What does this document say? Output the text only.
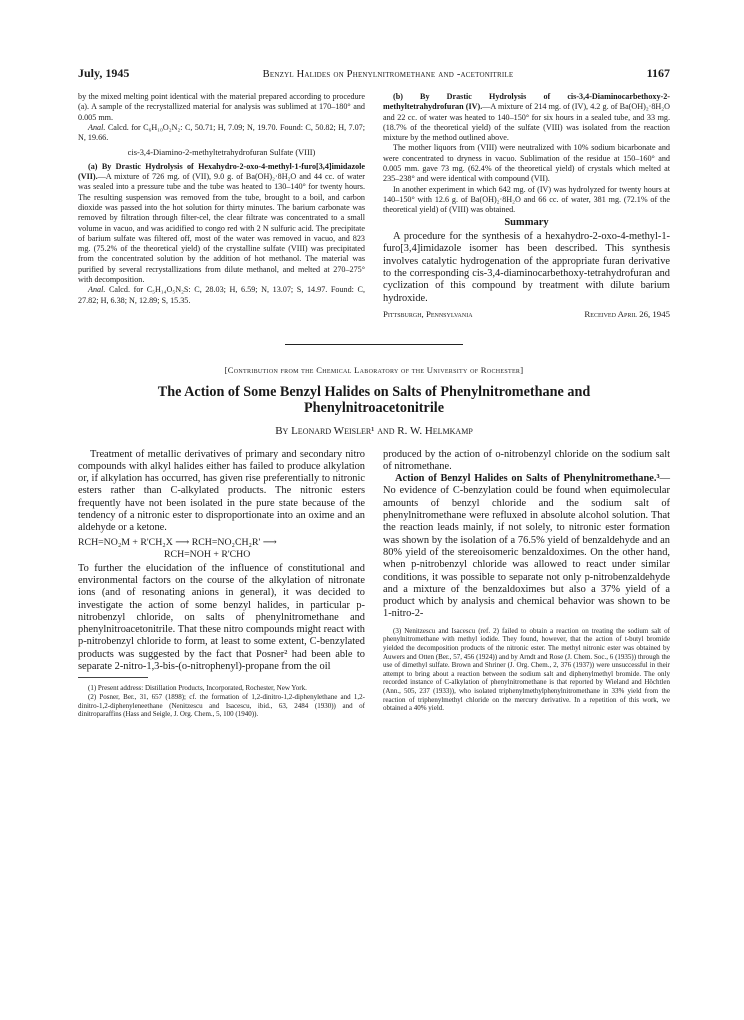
July, 1945	Benzyl Halides on Phenylnitromethane and -acetonitrile	1167

by the mixed melting point identical with the material prepared according to procedure (a). A sample of the recrystallized material for analysis was sublimed at 170–180° and 0.005 mm.

Anal. Calcd. for C₆H₁₀O₂N₂: C, 50.71; H, 7.09; N, 19.70. Found: C, 50.82; H, 7.07; N, 19.66.

cis-3,4-Diamino-2-methyltetrahydrofuran Sulfate (VIII)

(a) By Drastic Hydrolysis of Hexahydro-2-oxo-4-methyl-1-furo[3,4]imidazole (VII).—A mixture of 726 mg. of (VII), 9.0 g. of Ba(OH)₂·8H₂O and 44 cc. of water was sealed into a pressure tube and the tube was heated to 130–140° for twenty hours. The resulting suspension was removed from the tube, brought to a boil, and carbon dioxide was passed into the hot solution for thirty minutes. The barium carbonate was removed by filtration through filter-cel, the clear filtrate was concentrated to a small volume in vacuo, and was acidified to congo red with 2 N sulfuric acid. The precipitate of barium sulfate was filtered off, most of the water was removed in vacuo, and 823 mg. (75.2% of the theoretical yield) of the crystalline sulfate (VIII) was precipitated from the concentrated solution by the addition of hot methanol. The material was purified by several recrystallizations from dilute methanol, and melted at 270–275° with decomposition.

Anal. Calcd. for C₅H₁₄O₅N₂S: C, 28.03; H, 6.59; N, 13.07; S, 14.97. Found: C, 27.82; H, 6.38; N, 12.89; S, 15.35.

(b) By Drastic Hydrolysis of cis-3,4-Diaminocarbethoxy-2-methyltetrahydrofuran (IV).—A mixture of 214 mg. of (IV), 4.2 g. of Ba(OH)₂·8H₂O and 22 cc. of water was heated to 140–150° for six hours in a sealed tube, and 33 mg. (18.7% of the theoretical yield) of the sulfate (VIII) was isolated from the reaction mixture by the method outlined above.

The mother liquors from (VIII) were neutralized with 10% sodium bicarbonate and were concentrated to dryness in vacuo. Sublimation of the residue at 150–160° and 0.005 mm. gave 73 mg. (62.4% of the theoretical yield) of crystals which melted at 235–238° and were identical with compound (VII).

In another experiment in which 642 mg. of (IV) was hydrolyzed for twenty hours at 140–150° with 12.6 g. of Ba(OH)₂·8H₂O and 66 cc. of water, 381 mg. (72.1% of the theoretical yield) of (VIII) was obtained.

Summary

A procedure for the synthesis of a hexahydro-2-oxo-4-methyl-1-furo[3,4]imidazole isomer has been described. This synthesis involves catalytic hydrogenation of the appropriate furan derivative to the corresponding cis-3,4-diaminocarbethoxy-tetrahydrofuran and cyclization of this compound by treatment with dilute barium hydroxide.

Pittsburgh, Pennsylvania	Received April 26, 1945
[Contribution from the Chemical Laboratory of the University of Rochester]
The Action of Some Benzyl Halides on Salts of Phenylnitromethane and Phenylnitroacetonitrile
By Leonard Weisler¹ and R. W. Helmkamp

Treatment of metallic derivatives of primary and secondary nitro compounds with alkyl halides either has failed to produce alkylation or, if alkylation has occurred, has given rise preferentially to nitronic esters rather than C-alkylated products. The nitronic esters frequently have not been isolated in the pure state because of the tendency of a nitronic ester to disproportionate into an oxime and an aldehyde or a ketone.

RCH=NO₂M + R'CH₂X ⟶ RCH=NO₂CH₂R' ⟶
RCH=NOH + R'CHO

To further the elucidation of the influence of constitutional and environmental factors on the course of the alkylation of nitronate ions (and of resonating anions in general), it was decided to investigate the action of some benzyl halides, in particular p-nitrobenzyl chloride, on salts of phenylnitromethane and phenylnitroacetonitrile. That these nitro compounds might react with p-nitrobenzyl chloride to form, at least to some extent, C-benzylated products was suggested by the fact that Posner² had been able to separate 2-nitro-1,3-bis-(o-nitrophenyl)-propane from the oil

(1) Present address: Distillation Products, Incorporated, Rochester, New York.

(2) Posner, Ber., 31, 657 (1898); cf. the formation of 1,2-dinitro-1,2-diphenylethane and 1,2-dinitro-1,2-diphenyleneethane (Nenitzescu and Isacescu, ibid., 63, 2484 (1930)) and of dinitroparaffins (Hass and Seigle, J. Org. Chem., 5, 100 (1940)).

produced by the action of o-nitrobenzyl chloride on the sodium salt of nitromethane.

Action of Benzyl Halides on Salts of Phenylnitromethane.³—No evidence of C-benzylation could be found when equimolecular amounts of benzyl chloride and the sodium salt of phenylnitromethane were refluxed in absolute alcohol solution. That the reaction leads mainly, if not solely, to nitronic ester formation was shown by the isolation of a 76.5% yield of benzaldehyde and an 80% yield of the stereoisomeric benzaldoximes. On the other hand, when p-nitrobenzyl chloride was allowed to react under similar conditions, it was possible to separate not only p-nitrobenzaldehyde and a mixture of the benzaldoximes but also a 37% yield of a product which by analysis and chemical behavior was shown to be 1-nitro-2-

(3) Nenitzescu and Isacescu (ref. 2) failed to obtain a reaction on treating the sodium salt of phenylnitromethane with methyl iodide. They found, however, that the action of t-butyl bromide yielded the decomposition products of the nitronic ester. The methyl nitronic ester was obtained by Auwers and Otten (Ber., 57, 456 (1924)) and by Arndt and Rose (J. Chem. Soc., 6 (1935)) through the use of dimethyl sulfate. Brown and Shriner (J. Org. Chem., 2, 376 (1937)) were unsuccessful in their attempt to bring about a reaction between the sodium salt and diphenylmethyl bromide. The only recorded instance of C-alkylation of phenylnitromethane is that reported by Wieland and Höchtlen (Ann., 505, 237 (1933)), who isolated triphenylmethylphenylnitromethane in 33% yield from the reaction of triphenylmethyl chloride on the mercury derivative. In a repetition of this work, we obtained a 40% yield.
